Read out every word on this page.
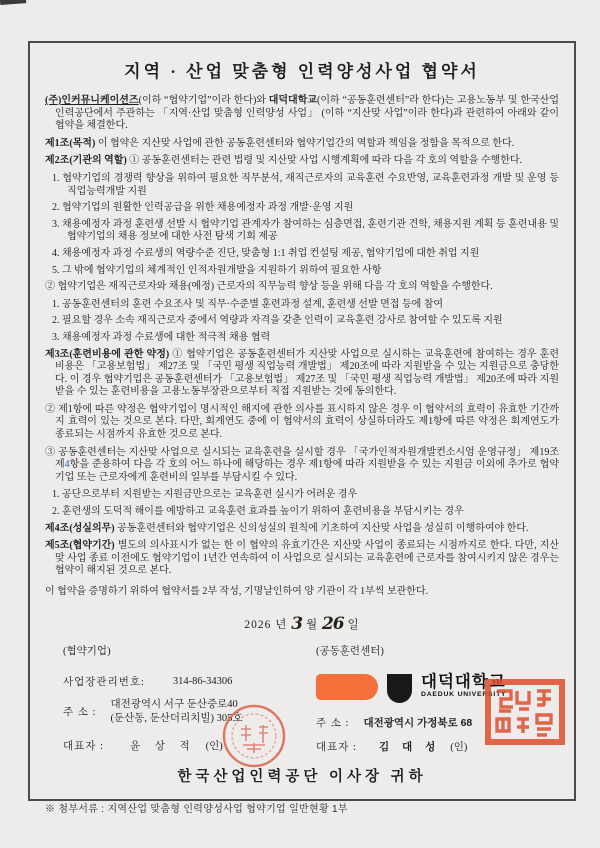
지역 · 산업 맞춤형 인력양성사업 협약서

(주)인커뮤니케이션즈(이하 “협약기업”이라 한다)와 대덕대학교(이하 “공동훈련센터”라 한다)는 고용노동부 및 한국산업인력공단에서 주관하는 「지역·산업 맞춤형 인력양성 사업」 (이하 “지산맞 사업”이라 한다)과 관련하여 아래와 같이 협약을 체결한다.

제1조(목적) 이 협약은 지산맞 사업에 관한 공동훈련센터와 협약기업간의 역할과 책임을 정함을 목적으로 한다.

제2조(기관의 역할) ① 공동훈련센터는 관련 법령 및 지산맞 사업 시행계획에 따라 다음 각 호의 역할을 수행한다.

1. 협약기업의 경쟁력 향상을 위하여 필요한 직무분석, 재직근로자의 교육훈련 수요반영, 교육훈련과정 개발 및 운영 등 직업능력개발 지원

2. 협약기업의 원활한 인력공급을 위한 채용예정자 과정 개발·운영 지원

3. 채용예정자 과정 훈련생 선발 시 협약기업 관계자가 참여하는 심층면접, 훈련기관 견학, 채용지원 계획 등 훈련내용 및 협약기업의 채용 정보에 대한 사전 탐색 기회 제공

4. 채용예정자 과정 수료생의 역량수준 진단, 맞춤형 1:1 취업 컨설팅 제공, 협약기업에 대한 취업 지원

5. 그 밖에 협약기업의 체계적인 인적자원개발을 지원하기 위하여 필요한 사항

② 협약기업은 재직근로자와 채용(예정) 근로자의 직무능력 향상 등을 위해 다음 각 호의 역할을 수행한다.

1. 공동훈련센터의 훈련 수요조사 및 직무·수준별 훈련과정 설계, 훈련생 선발 면접 등에 참여

2. 필요할 경우 소속 재직근로자 중에서 역량과 자격을 갖춘 인력이 교육훈련 강사로 참여할 수 있도록 지원

3. 채용예정자 과정 수료생에 대한 적극적 채용 협력

제3조(훈련비용에 관한 약정) ① 협약기업은 공동훈련센터가 지산맞 사업으로 실시하는 교육훈련에 참여하는 경우 훈련비용은 「고용보험법」 제27조 및 「국민 평생 직업능력 개발법」 제20조에 따라 지원받을 수 있는 지원금으로 충당한다. 이 경우 협약기업은 공동훈련센터가 「고용보험법」 제27조 및 「국민 평생 직업능력 개발법」 제20조에 따라 지원받을 수 있는 훈련비용을 고용노동부장관으로부터 직접 지원받는 것에 동의한다.

② 제1항에 따른 약정은 협약기업이 명시적인 해지에 관한 의사를 표시하지 않은 경우 이 협약서의 효력이 유효한 기간까지 효력이 있는 것으로 본다. 다만, 회계연도 중에 이 협약서의 효력이 상실하더라도 제1항에 따른 약정은 회계연도가 종료되는 시점까지 유효한 것으로 본다.

③ 공동훈련센터는 지산맞 사업으로 실시되는 교육훈련을 실시할 경우 「국가인적자원개발컨소시엄 운영규정」 제19조제4항을 준용하여 다음 각 호의 어느 하나에 해당하는 경우 제1항에 따라 지원받을 수 있는 지원금 이외에 추가로 협약기업 또는 근로자에게 훈련비의 일부를 부담시킬 수 있다.

1. 공단으로부터 지원받는 지원금만으로는 교육훈련 실시가 어려운 경우

2. 훈련생의 도덕적 해이를 예방하고 교육훈련 효과를 높이기 위하여 훈련비용을 부담시키는 경우

제4조(성실의무) 공동훈련센터와 협약기업은 신의성실의 원칙에 기초하여 지산맞 사업을 성실히 이행하여야 한다.

제5조(협약기간) 별도의 의사표시가 없는 한 이 협약의 유효기간은 지산맞 사업이 종료되는 시점까지로 한다. 다만, 지산맞 사업 종료 이전에도 협약기업이 1년간 연속하여 이 사업으로 실시되는 교육훈련에 근로자를 참여시키지 않은 경우는 협약이 해지된 것으로 본다.

이 협약을 증명하기 위하여 협약서를 2부 작성, 기명날인하여 양 기관이 각 1부씩 보관한다.

2026 년 3 월 26 일
(협약기업)
사업장관리번호:	314-86-34306
주 소 :
대전광역시 서구 둔산중로40
(둔산동, 둔산더리치빌) 305호
대표자 : 윤 상 적 (인)
(공동훈련센터)
대덕대학교
DAEDUK UNIVERSITY
주 소 : 대전광역시 가정북로 68
대표자 : 김 대 성 (인)
한국산업인력공단 이사장 귀하
※ 첨부서류 : 지역산업 맞춤형 인력양성사업 협약기업 일반현황 1부
